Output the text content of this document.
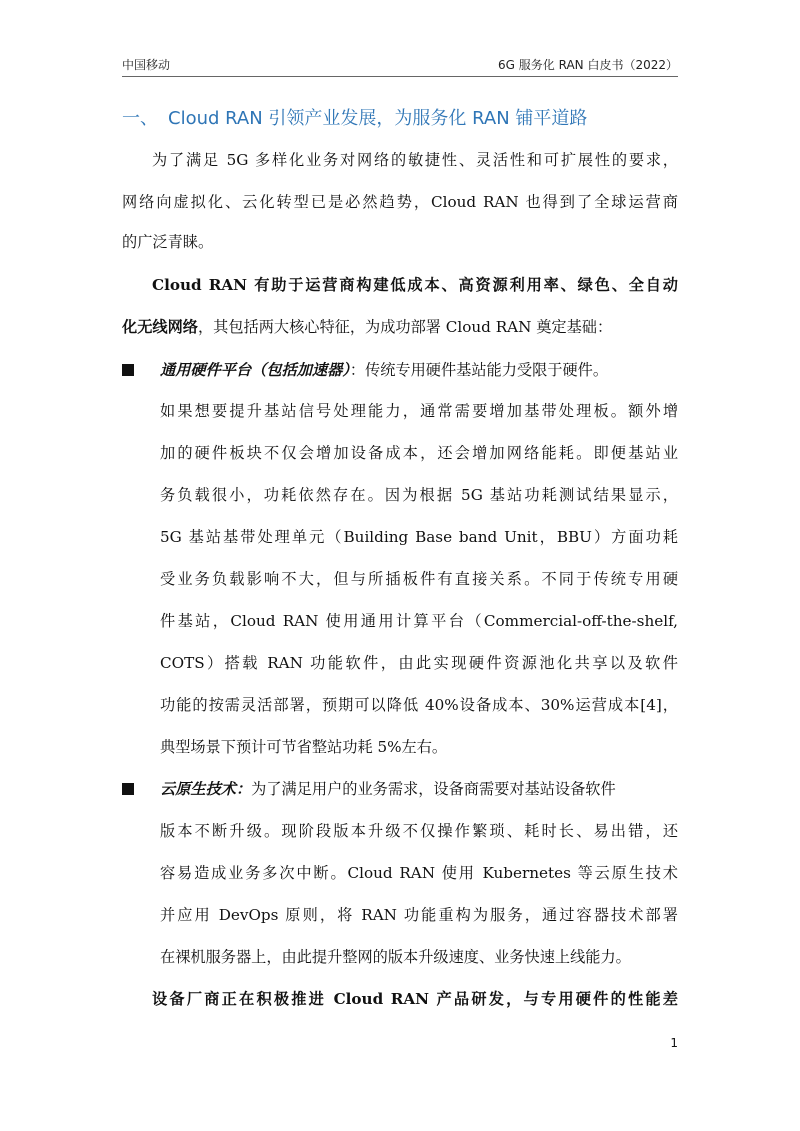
中国移动	6G 服务化 RAN 白皮书（2022）
一、 Cloud RAN 引领产业发展，为服务化 RAN 铺平道路
为了满足 5G 多样化业务对网络的敏捷性、灵活性和可扩展性的要求，
网络向虚拟化、云化转型已是必然趋势，Cloud RAN 也得到了全球运营商
的广泛青睐。
Cloud RAN 有助于运营商构建低成本、高资源利用率、绿色、全自动
化无线网络，其包括两大核心特征，为成功部署 Cloud RAN 奠定基础：
通用硬件平台（包括加速器）：传统专用硬件基站能力受限于硬件。
如果想要提升基站信号处理能力，通常需要增加基带处理板。额外增
加的硬件板块不仅会增加设备成本，还会增加网络能耗。即便基站业
务负载很小，功耗依然存在。因为根据 5G 基站功耗测试结果显示，
5G 基站基带处理单元（Building Base band Unit，BBU）方面功耗
受业务负载影响不大，但与所插板件有直接关系。不同于传统专用硬
件基站，Cloud RAN 使用通用计算平台（Commercial-off-the-shelf,
COTS）搭载 RAN 功能软件，由此实现硬件资源池化共享以及软件
功能的按需灵活部署，预期可以降低 40%设备成本、30%运营成本[4]，
典型场景下预计可节省整站功耗 5%左右。
云原生技术：为了满足用户的业务需求，设备商需要对基站设备软件
版本不断升级。现阶段版本升级不仅操作繁琐、耗时长、易出错，还
容易造成业务多次中断。Cloud RAN 使用 Kubernetes 等云原生技术
并应用 DevOps 原则，将 RAN 功能重构为服务，通过容器技术部署
在裸机服务器上，由此提升整网的版本升级速度、业务快速上线能力。
设备厂商正在积极推进 Cloud RAN 产品研发，与专用硬件的性能差
1
